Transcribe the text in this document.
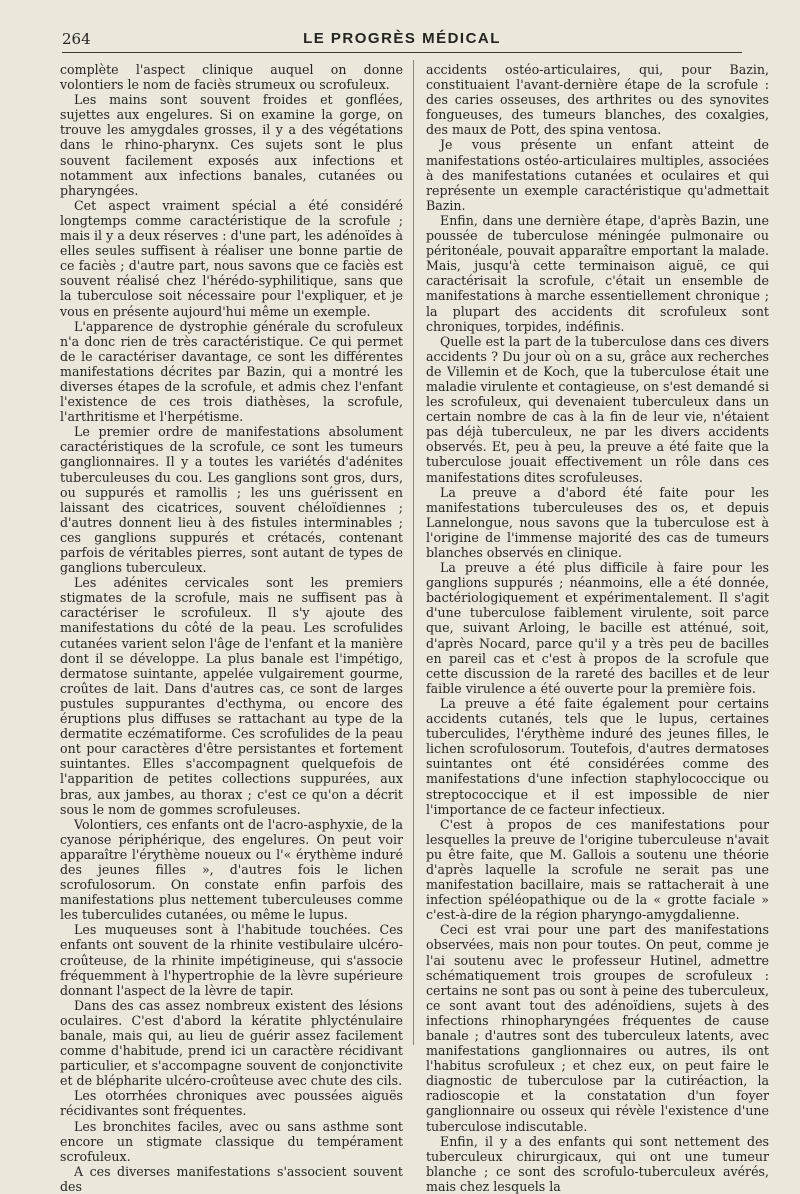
264	LE PROGRÈS MÉDICAL

complète l'aspect clinique auquel on donne volontiers le nom de faciès strumeux ou scrofuleux.

Les mains sont souvent froides et gonflées, sujettes aux engelures. Si on examine la gorge, on trouve les amygdales grosses, il y a des végétations dans le rhino-pharynx. Ces sujets sont le plus souvent facilement exposés aux infections et notamment aux infections banales, cutanées ou pharyngées.

Cet aspect vraiment spécial a été considéré longtemps comme caractéristique de la scrofule ; mais il y a deux réserves : d'une part, les adénoïdes à elles seules suffisent à réaliser une bonne partie de ce faciès ; d'autre part, nous savons que ce faciès est souvent réalisé chez l'hérédo-syphilitique, sans que la tuberculose soit nécessaire pour l'expliquer, et je vous en présente aujourd'hui même un exemple.

L'apparence de dystrophie générale du scrofuleux n'a donc rien de très caractéristique. Ce qui permet de le caractériser davantage, ce sont les différentes manifestations décrites par Bazin, qui a montré les diverses étapes de la scrofule, et admis chez l'enfant l'existence de ces trois diathèses, la scrofule, l'arthritisme et l'herpétisme.

Le premier ordre de manifestations absolument caractéristiques de la scrofule, ce sont les tumeurs ganglionnaires. Il y a toutes les variétés d'adénites tuberculeuses du cou. Les ganglions sont gros, durs, ou suppurés et ramollis ; les uns guérissent en laissant des cicatrices, souvent chéloïdiennes ; d'autres donnent lieu à des fistules interminables ; ces ganglions suppurés et crétacés, contenant parfois de véritables pierres, sont autant de types de ganglions tuberculeux.

Les adénites cervicales sont les premiers stigmates de la scrofule, mais ne suffisent pas à caractériser le scrofuleux. Il s'y ajoute des manifestations du côté de la peau. Les scrofulides cutanées varient selon l'âge de l'enfant et la manière dont il se développe. La plus banale est l'impétigo, dermatose suintante, appelée vulgairement gourme, croûtes de lait. Dans d'autres cas, ce sont de larges pustules suppurantes d'ecthyma, ou encore des éruptions plus diffuses se rattachant au type de la dermatite eczématiforme. Ces scrofulides de la peau ont pour caractères d'être persistantes et fortement suintantes. Elles s'accompagnent quelquefois de l'apparition de petites collections suppurées, aux bras, aux jambes, au thorax ; c'est ce qu'on a décrit sous le nom de gommes scrofuleuses.

Volontiers, ces enfants ont de l'acro-asphyxie, de la cyanose périphérique, des engelures. On peut voir apparaître l'érythème noueux ou l'« érythème induré des jeunes filles », d'autres fois le lichen scrofulosorum. On constate enfin parfois des manifestations plus nettement tuberculeuses comme les tuberculides cutanées, ou même le lupus.

Les muqueuses sont à l'habitude touchées. Ces enfants ont souvent de la rhinite vestibulaire ulcéro-croûteuse, de la rhinite impétigineuse, qui s'associe fréquemment à l'hypertrophie de la lèvre supérieure donnant l'aspect de la lèvre de tapir.

Dans des cas assez nombreux existent des lésions oculaires. C'est d'abord la kératite phlycténulaire banale, mais qui, au lieu de guérir assez facilement comme d'habitude, prend ici un caractère récidivant particulier, et s'accompagne souvent de conjonctivite et de blépharite ulcéro-croûteuse avec chute des cils.

Les otorrhées chroniques avec poussées aiguës récidivantes sont fréquentes.

Les bronchites faciles, avec ou sans asthme sont encore un stigmate classique du tempérament scrofuleux.

A ces diverses manifestations s'associent souvent des

accidents ostéo-articulaires, qui, pour Bazin, constituaient l'avant-dernière étape de la scrofule : des caries osseuses, des arthrites ou des synovites fongueuses, des tumeurs blanches, des coxalgies, des maux de Pott, des spina ventosa.

Je vous présente un enfant atteint de manifestations ostéo-articulaires multiples, associées à des manifestations cutanées et oculaires et qui représente un exemple caractéristique qu'admettait Bazin.

Enfin, dans une dernière étape, d'après Bazin, une poussée de tuberculose méningée pulmonaire ou péritonéale, pouvait apparaître emportant la malade. Mais, jusqu'à cette terminaison aiguë, ce qui caractérisait la scrofule, c'était un ensemble de manifestations à marche essentiellement chronique ; la plupart des accidents dit scrofuleux sont chroniques, torpides, indéfinis.

Quelle est la part de la tuberculose dans ces divers accidents ? Du jour où on a su, grâce aux recherches de Villemin et de Koch, que la tuberculose était une maladie virulente et contagieuse, on s'est demandé si les scrofuleux, qui devenaient tuberculeux dans un certain nombre de cas à la fin de leur vie, n'étaient pas déjà tuberculeux, ne par les divers accidents observés. Et, peu à peu, la preuve a été faite que la tuberculose jouait effectivement un rôle dans ces manifestations dites scrofuleuses.

La preuve a d'abord été faite pour les manifestations tuberculeuses des os, et depuis Lannelongue, nous savons que la tuberculose est à l'origine de l'immense majorité des cas de tumeurs blanches observés en clinique.

La preuve a été plus difficile à faire pour les ganglions suppurés ; néanmoins, elle a été donnée, bactériologiquement et expérimentalement. Il s'agit d'une tuberculose faiblement virulente, soit parce que, suivant Arloing, le bacille est atténué, soit, d'après Nocard, parce qu'il y a très peu de bacilles en pareil cas et c'est à propos de la scrofule que cette discussion de la rareté des bacilles et de leur faible virulence a été ouverte pour la première fois.

La preuve a été faite également pour certains accidents cutanés, tels que le lupus, certaines tuberculides, l'érythème induré des jeunes filles, le lichen scrofulosorum. Toutefois, d'autres dermatoses suintantes ont été considérées comme des manifestations d'une infection staphylococcique ou streptococcique et il est impossible de nier l'importance de ce facteur infectieux.

C'est à propos de ces manifestations pour lesquelles la preuve de l'origine tuberculeuse n'avait pu être faite, que M. Gallois a soutenu une théorie d'après laquelle la scrofule ne serait pas une manifestation bacillaire, mais se rattacherait à une infection spéléopathique ou de la « grotte faciale » c'est-à-dire de la région pharyngo-amygdalienne.

Ceci est vrai pour une part des manifestations observées, mais non pour toutes. On peut, comme je l'ai soutenu avec le professeur Hutinel, admettre schématiquement trois groupes de scrofuleux : certains ne sont pas ou sont à peine des tuberculeux, ce sont avant tout des adénoïdiens, sujets à des infections rhinopharyngées fréquentes de cause banale ; d'autres sont des tuberculeux latents, avec manifestations ganglionnaires ou autres, ils ont l'habitus scrofuleux ; et chez eux, on peut faire le diagnostic de tuberculose par la cutiréaction, la radioscopie et la constatation d'un foyer ganglionnaire ou osseux qui révèle l'existence d'une tuberculose indiscutable.

Enfin, il y a des enfants qui sont nettement des tuberculeux chirurgicaux, qui ont une tumeur blanche ; ce sont des scrofulo-tuberculeux avérés, mais chez lesquels la
